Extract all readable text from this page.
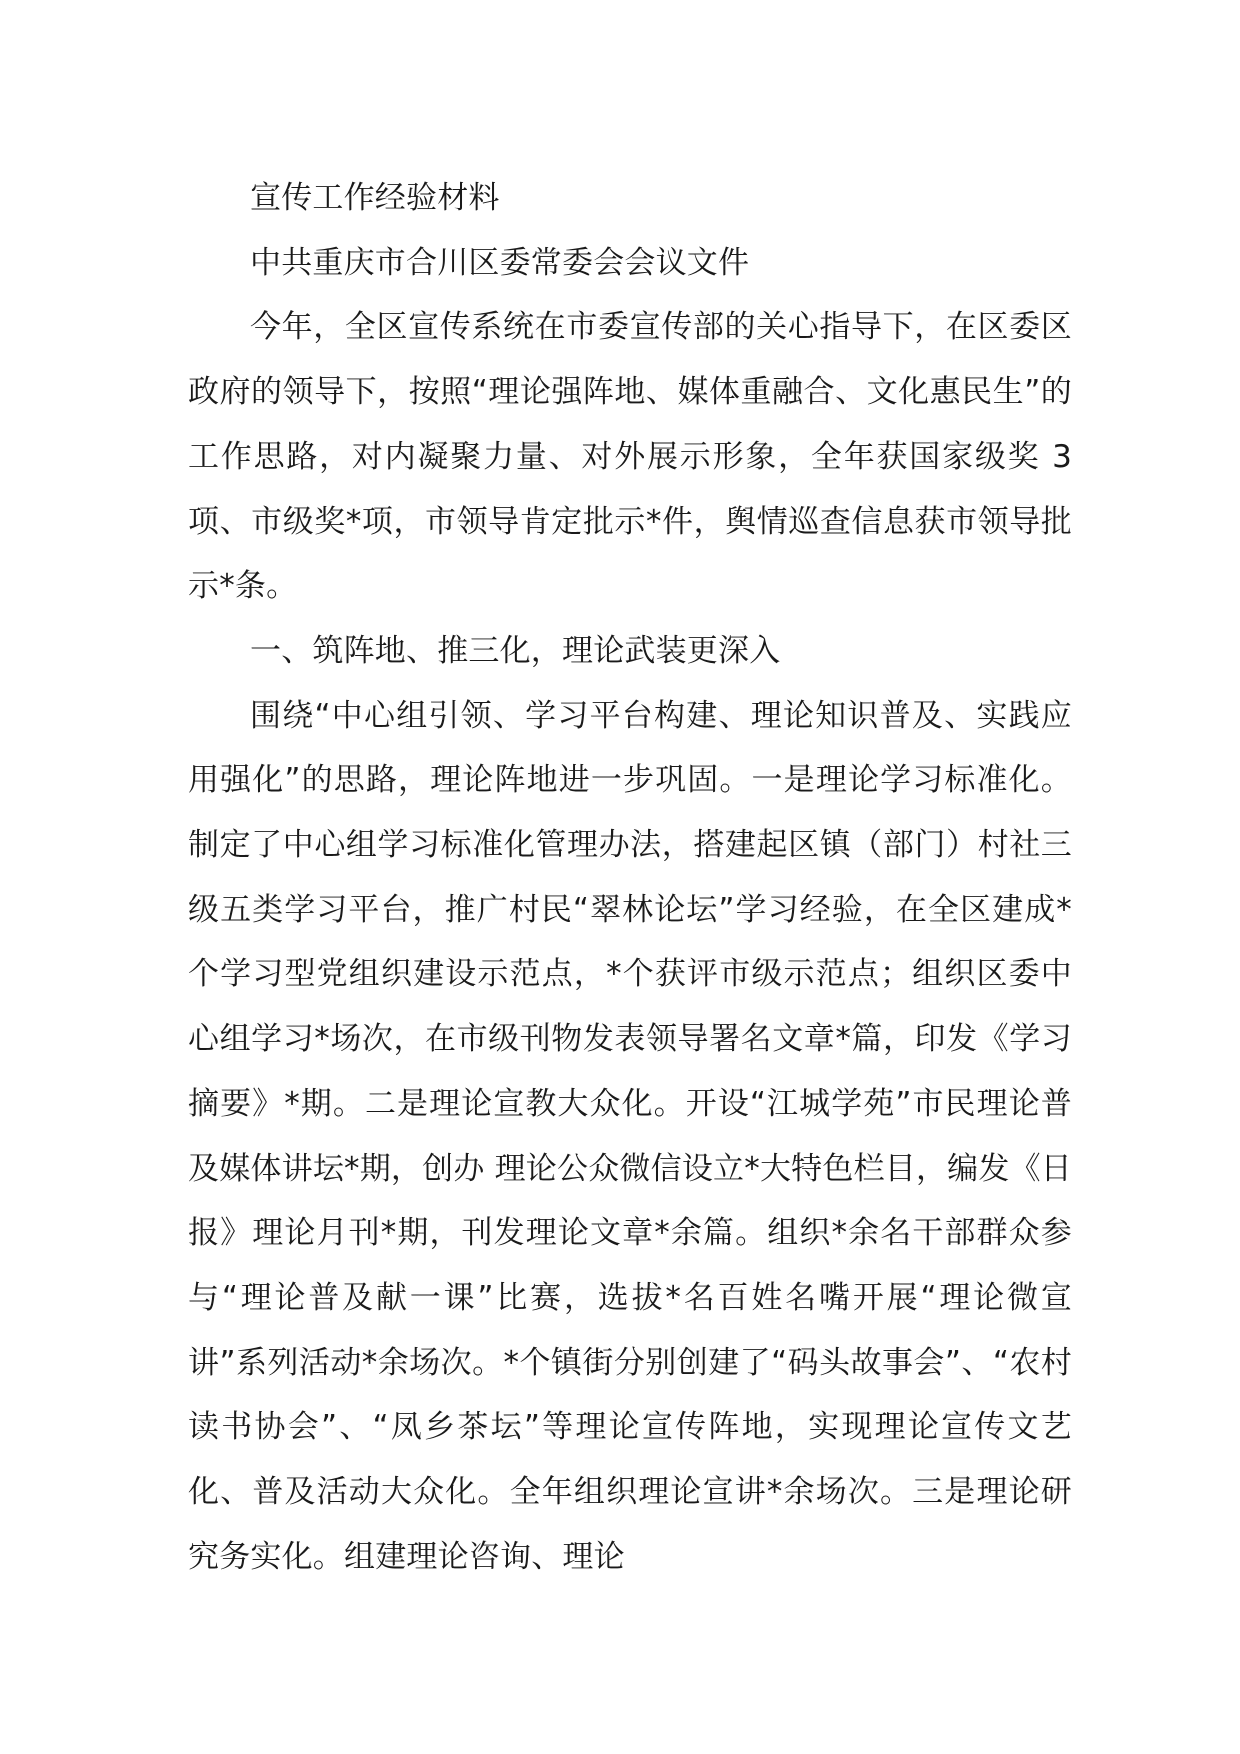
宣传工作经验材料

中共重庆市合川区委常委会会议文件

今年，全区宣传系统在市委宣传部的关心指导下，在区委区政府的领导下，按照“理论强阵地、媒体重融合、文化惠民生”的工作思路，对内凝聚力量、对外展示形象，全年获国家级奖 3 项、市级奖*项，市领导肯定批示*件，舆情巡查信息获市领导批示*条。

一、筑阵地、推三化，理论武装更深入

围绕“中心组引领、学习平台构建、理论知识普及、实践应用强化”的思路，理论阵地进一步巩固。一是理论学习标准化。制定了中心组学习标准化管理办法，搭建起区镇（部门）村社三级五类学习平台，推广村民“翠林论坛”学习经验，在全区建成*个学习型党组织建设示范点，*个获评市级示范点；组织区委中心组学习*场次，在市级刊物发表领导署名文章*篇，印发《学习摘要》*期。二是理论宣教大众化。开设“江城学苑”市民理论普及媒体讲坛*期，创办 理论公众微信设立*大特色栏目，编发《日报》理论月刊*期，刊发理论文章*余篇。组织*余名干部群众参与“理论普及献一课”比赛，选拔*名百姓名嘴开展“理论微宣讲”系列活动*余场次。*个镇街分别创建了“码头故事会”、“农村读书协会”、“凤乡茶坛”等理论宣传阵地，实现理论宣传文艺化、普及活动大众化。全年组织理论宣讲*余场次。三是理论研究务实化。组建理论咨询、理论
